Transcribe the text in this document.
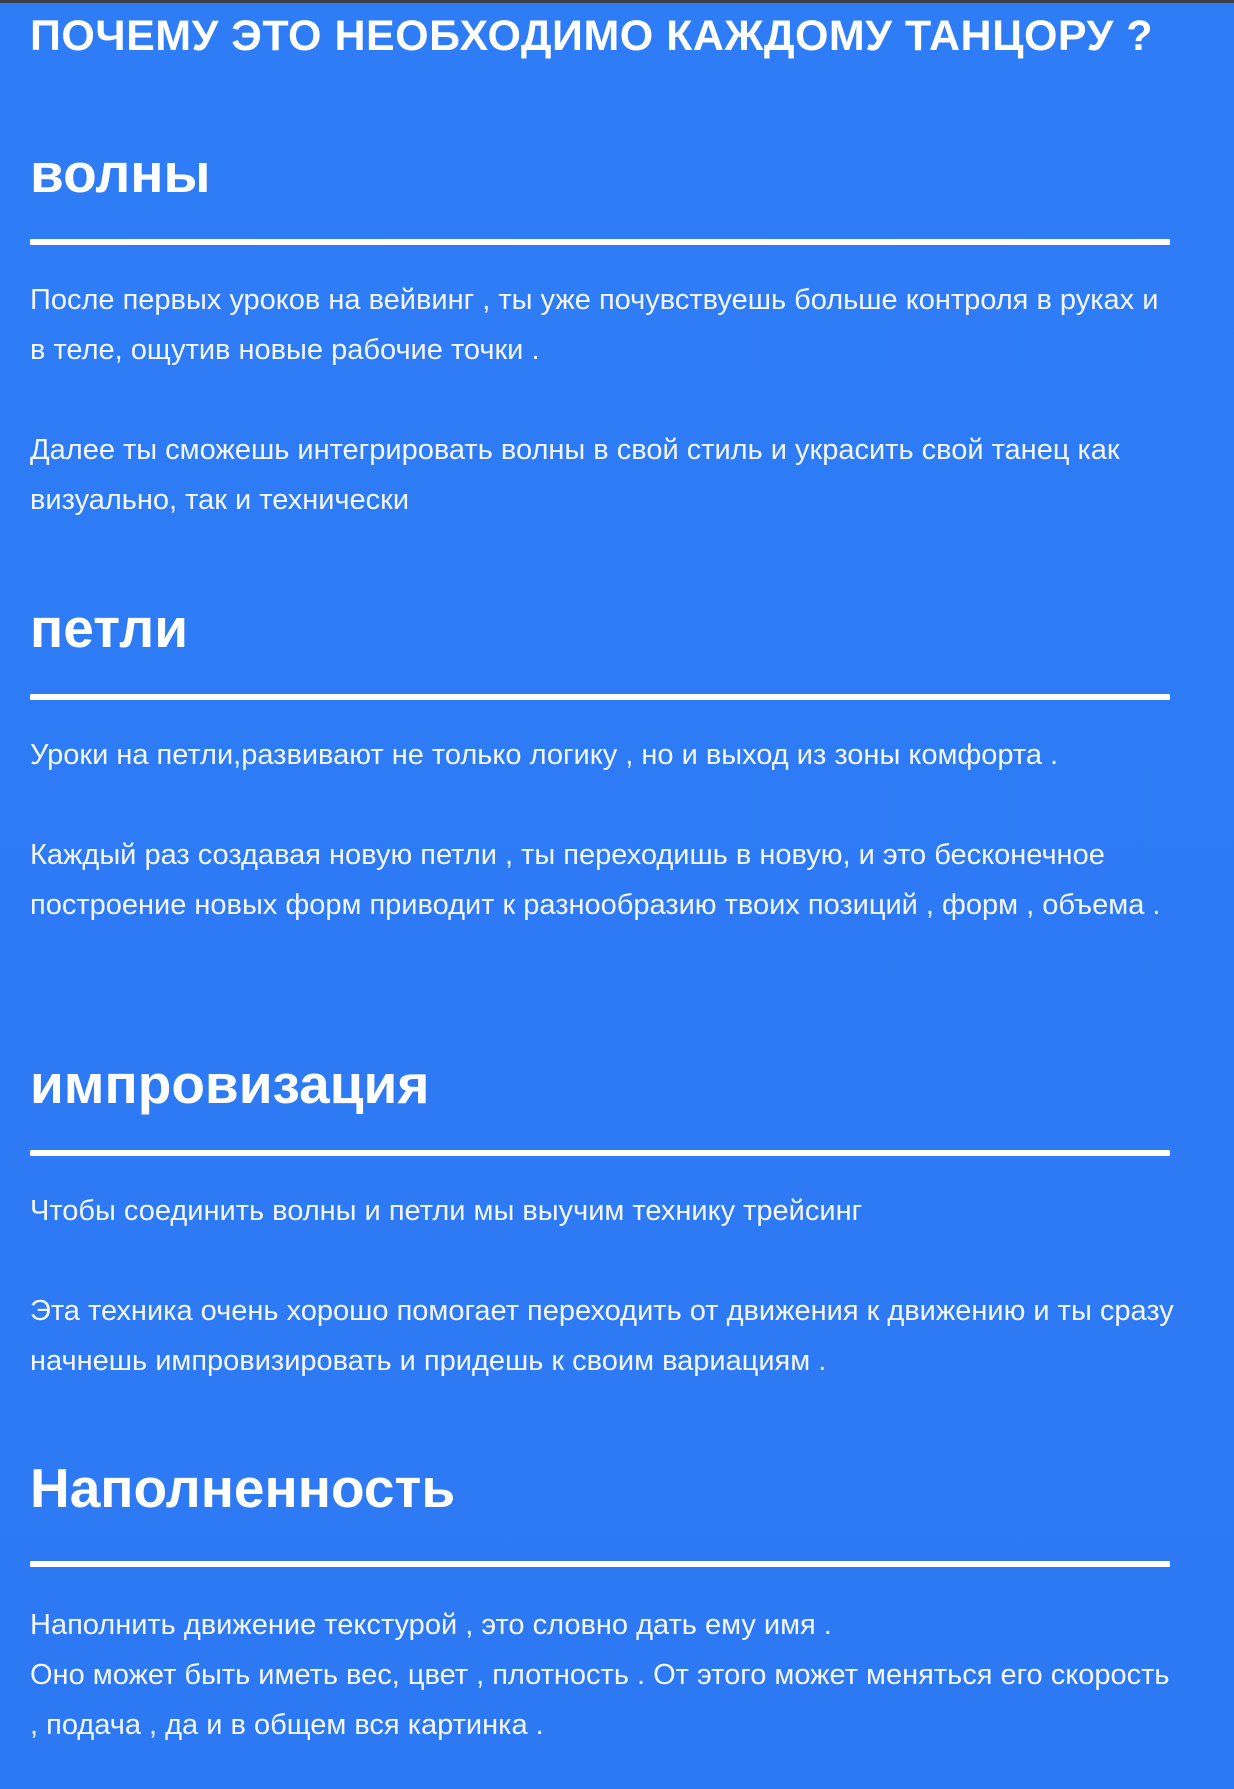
ПОЧЕМУ ЭТО НЕОБХОДИМО КАЖДОМУ ТАНЦОРУ ?
волны

После первых уроков на вейвинг , ты уже почувствуешь больше контроля в руках и в теле, ощутив новые рабочие точки .

Далее ты сможешь интегрировать волны в свой стиль и украсить свой танец как визуально, так и технически

петли

Уроки на петли,развивают не только логику , но и выход из зоны комфорта .

Каждый раз создавая новую петли , ты переходишь в новую, и это бесконечное построение новых форм приводит к разнообразию твоих позиций , форм , объема .

импровизация

Чтобы соединить волны и петли мы выучим технику трейсинг

Эта техника очень хорошо помогает переходить от движения к движению и ты сразу начнешь импровизировать и придешь к своим вариациям .

Наполненность

Наполнить движение текстурой , это словно дать ему имя .

Оно может быть иметь вес, цвет , плотность . От этого может меняться его скорость , подача , да и в общем вся картинка .
